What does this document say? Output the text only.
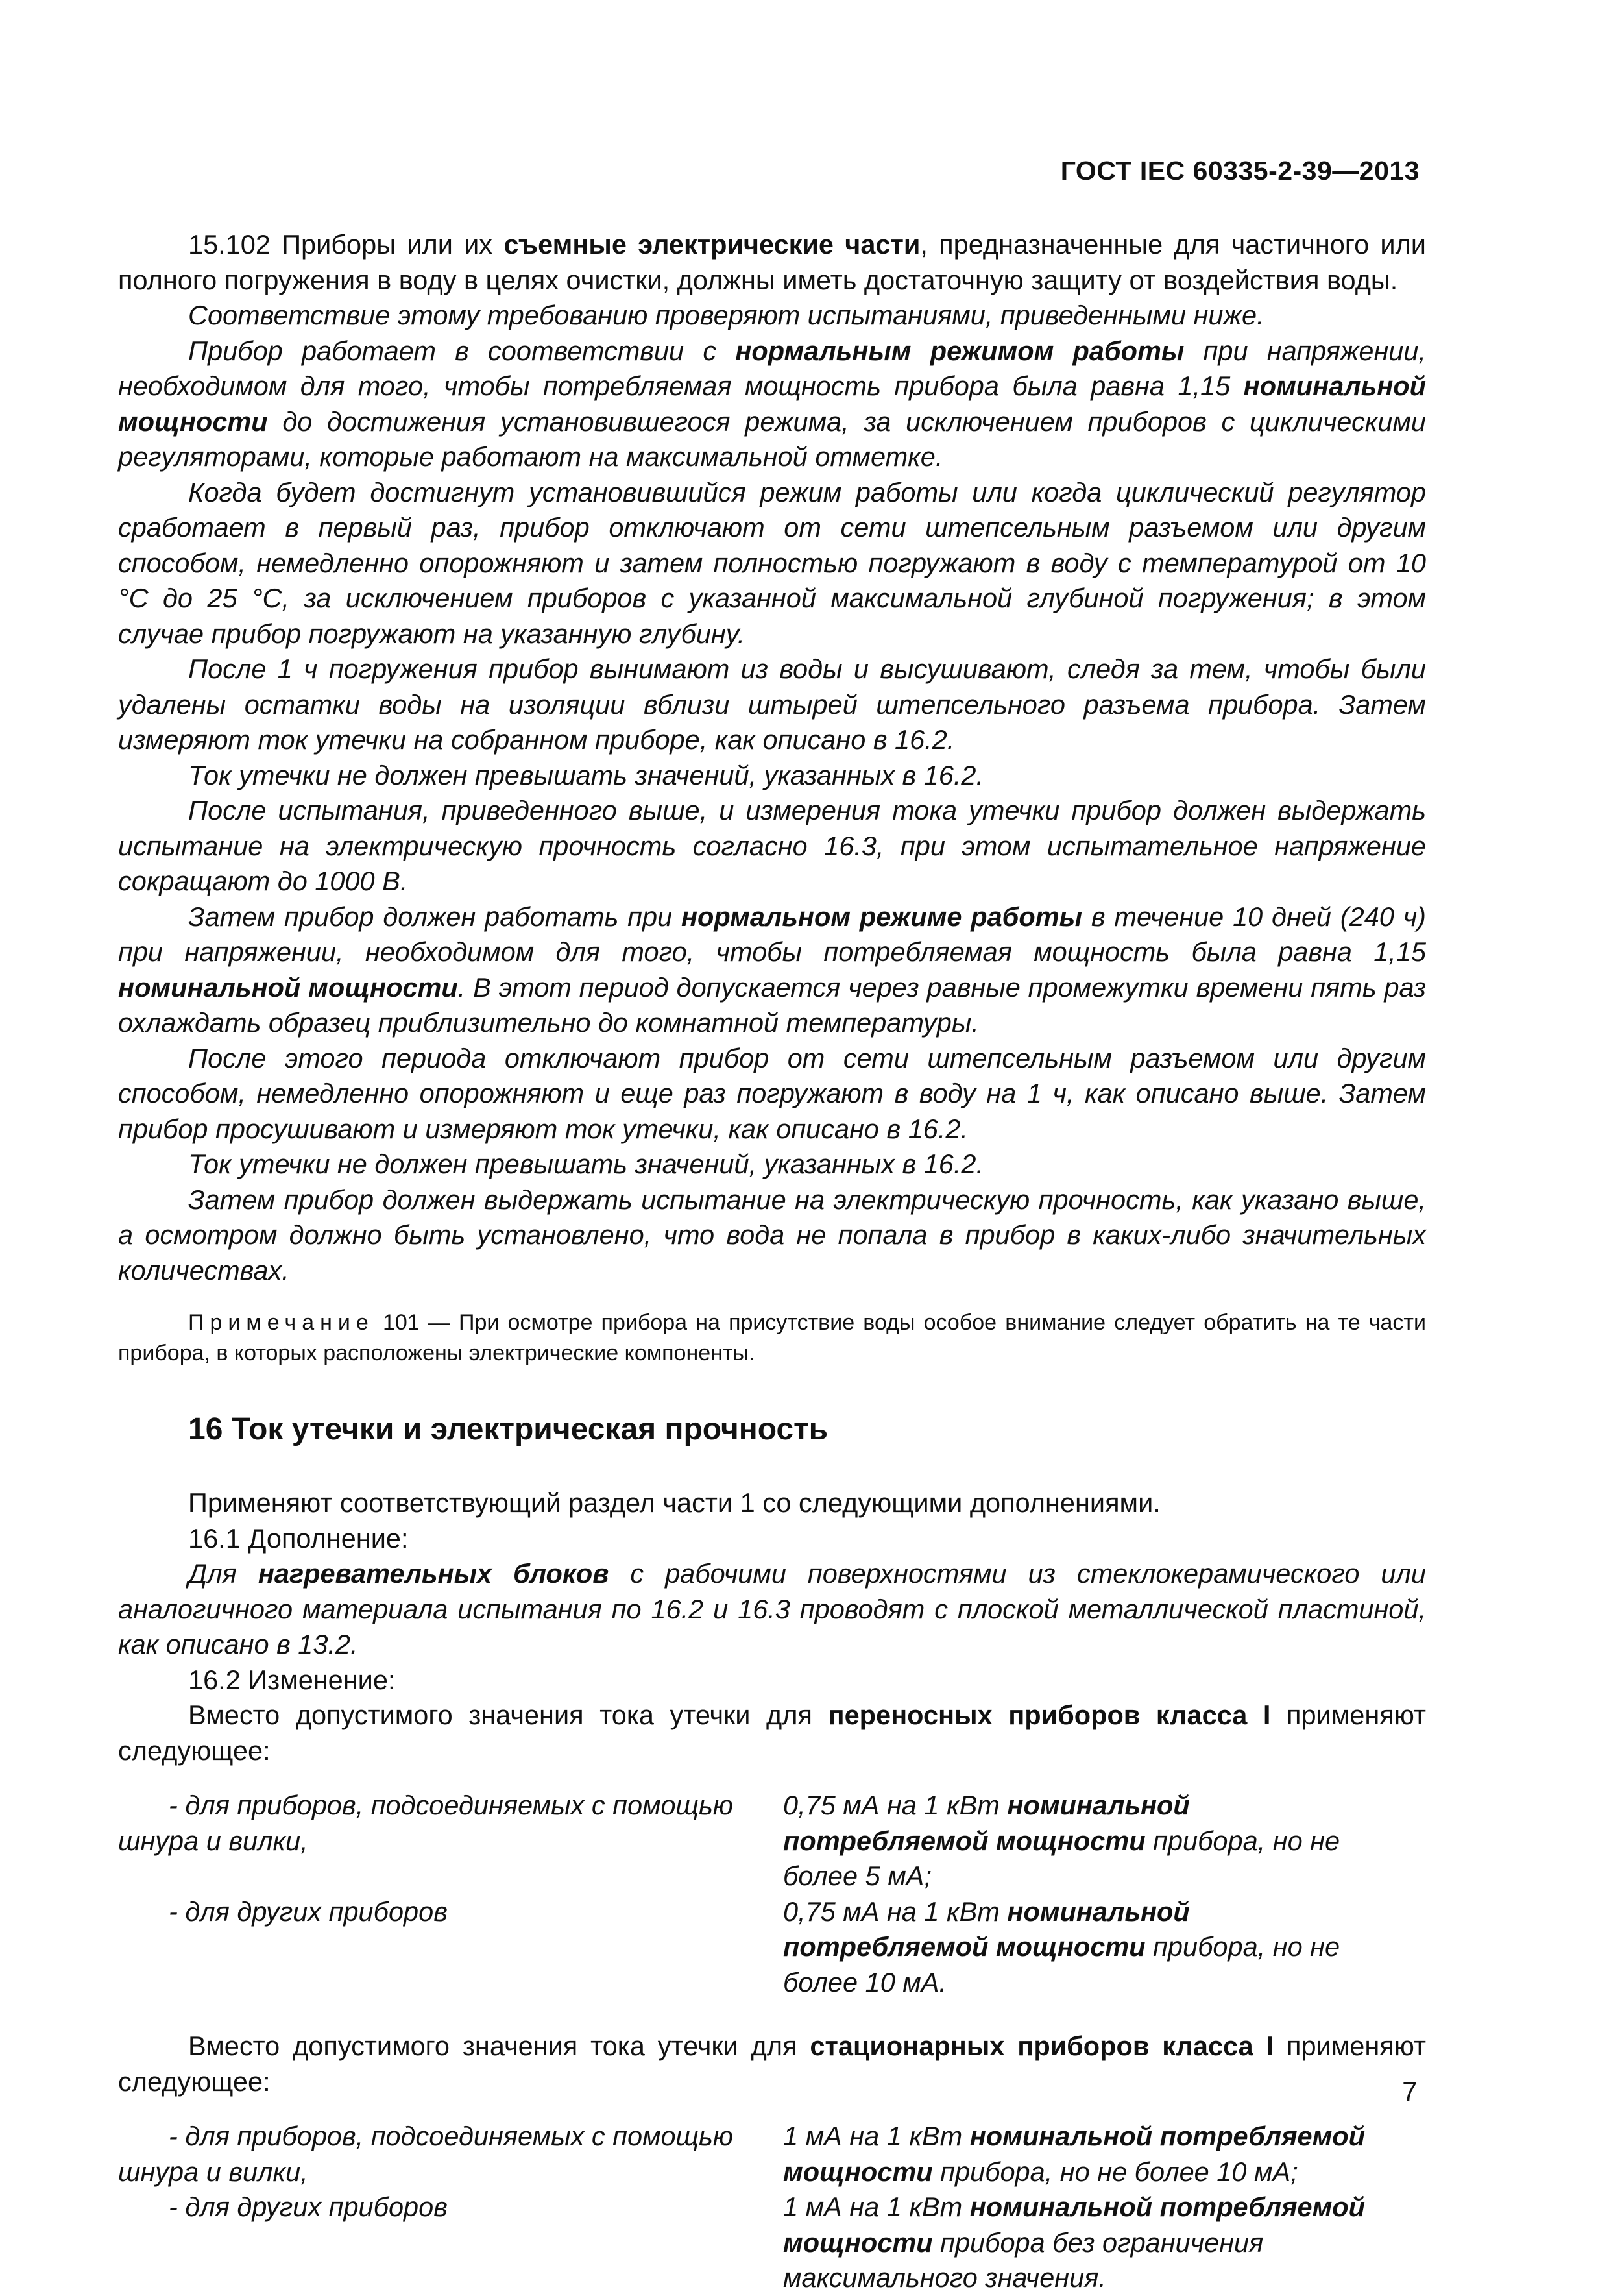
ГОСТ IEC 60335-2-39—2013

15.102 Приборы или их съемные электрические части, предназначенные для частичного или полного погружения в воду в целях очистки, должны иметь достаточную защиту от воздействия воды.

Соответствие этому требованию проверяют испытаниями, приведенными ниже.

Прибор работает в соответствии с нормальным режимом работы при напряжении, необходимом для того, чтобы потребляемая мощность прибора была равна 1,15 номинальной мощности до достижения установившегося режима, за исключением приборов с циклическими регуляторами, которые работают на максимальной отметке.

Когда будет достигнут установившийся режим работы или когда циклический регулятор сработает в первый раз, прибор отключают от сети штепсельным разъемом или другим способом, немедленно опорожняют и затем полностью погружают в воду с температурой от 10 °С до 25 °С, за исключением приборов с указанной максимальной глубиной погружения; в этом случае прибор погружают на указанную глубину.

После 1 ч погружения прибор вынимают из воды и высушивают, следя за тем, чтобы были удалены остатки воды на изоляции вблизи штырей штепсельного разъема прибора. Затем измеряют ток утечки на собранном приборе, как описано в 16.2.

Ток утечки не должен превышать значений, указанных в 16.2.

После испытания, приведенного выше, и измерения тока утечки прибор должен выдержать испытание на электрическую прочность согласно 16.3, при этом испытательное напряжение сокращают до 1000 В.

Затем прибор должен работать при нормальном режиме работы в течение 10 дней (240 ч) при напряжении, необходимом для того, чтобы потребляемая мощность была равна 1,15 номинальной мощности. В этот период допускается через равные промежутки времени пять раз охлаждать образец приблизительно до комнатной температуры.

После этого периода отключают прибор от сети штепсельным разъемом или другим способом, немедленно опорожняют и еще раз погружают в воду на 1 ч, как описано выше. Затем прибор просушивают и измеряют ток утечки, как описано в 16.2.

Ток утечки не должен превышать значений, указанных в 16.2.

Затем прибор должен выдержать испытание на электрическую прочность, как указано выше, а осмотром должно быть установлено, что вода не попала в прибор в каких-либо значительных количествах.

Примечание 101 — При осмотре прибора на присутствие воды особое внимание следует обратить на те части прибора, в которых расположены электрические компоненты.

16 Ток утечки и электрическая прочность

Применяют соответствующий раздел части 1 со следующими дополнениями.

16.1 Дополнение:

Для нагревательных блоков с рабочими поверхностями из стеклокерамического или аналогичного материала испытания по 16.2 и 16.3 проводят с плоской металлической пластиной, как описано в 13.2.

16.2 Изменение:

Вместо допустимого значения тока утечки для переносных приборов класса I применяют следующее:

- для приборов, подсоединяемых с помощью шнура и вилки,
0,75 мА на 1 кВт номинальной потребляемой мощности прибора, но не более 5 мА;
- для других приборов	0,75 мА на 1 кВт номинальной потребляемой мощности прибора, но не более 10 мА.

Вместо допустимого значения тока утечки для стационарных приборов класса I применяют следующее:

- для приборов, подсоединяемых с помощью шнура и вилки,
1 мА на 1 кВт номинальной потребляемой мощности прибора, но не более 10 мА;
- для других приборов	1 мА на 1 кВт номинальной потребляемой мощности прибора без ограничения максимального значения.
7
